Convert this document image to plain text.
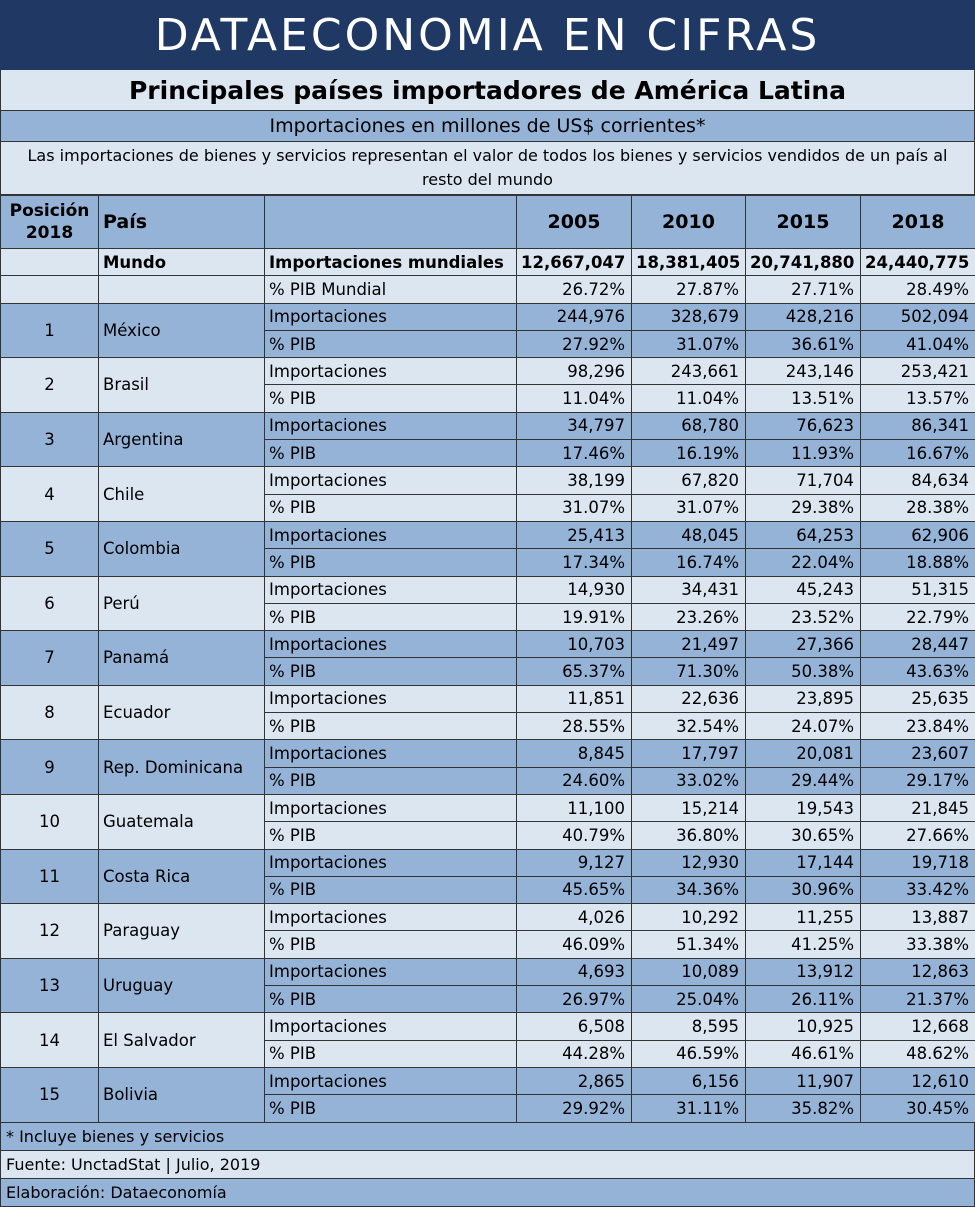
DATAECONOMIA EN CIFRAS
Principales países importadores de América Latina
Importaciones en millones de US$ corrientes*
Las importaciones de bienes y servicios representan el valor de todos los bienes y servicios vendidos de un país al resto del mundo
Posición 2018	País		2005	2010	2015	2018
	Mundo	Importaciones mundiales	12,667,047	18,381,405	20,741,880	24,440,775
		% PIB Mundial	26.72%	27.87%	27.71%	28.49%
1	México	Importaciones	244,976	328,679	428,216	502,094
		% PIB	27.92%	31.07%	36.61%	41.04%
2	Brasil	Importaciones	98,296	243,661	243,146	253,421
		% PIB	11.04%	11.04%	13.51%	13.57%
3	Argentina	Importaciones	34,797	68,780	76,623	86,341
		% PIB	17.46%	16.19%	11.93%	16.67%
4	Chile	Importaciones	38,199	67,820	71,704	84,634
		% PIB	31.07%	31.07%	29.38%	28.38%
5	Colombia	Importaciones	25,413	48,045	64,253	62,906
		% PIB	17.34%	16.74%	22.04%	18.88%
6	Perú	Importaciones	14,930	34,431	45,243	51,315
		% PIB	19.91%	23.26%	23.52%	22.79%
7	Panamá	Importaciones	10,703	21,497	27,366	28,447
		% PIB	65.37%	71.30%	50.38%	43.63%
8	Ecuador	Importaciones	11,851	22,636	23,895	25,635
		% PIB	28.55%	32.54%	24.07%	23.84%
9	Rep. Dominicana	Importaciones	8,845	17,797	20,081	23,607
		% PIB	24.60%	33.02%	29.44%	29.17%
10	Guatemala	Importaciones	11,100	15,214	19,543	21,845
		% PIB	40.79%	36.80%	30.65%	27.66%
11	Costa Rica	Importaciones	9,127	12,930	17,144	19,718
		% PIB	45.65%	34.36%	30.96%	33.42%
12	Paraguay	Importaciones	4,026	10,292	11,255	13,887
		% PIB	46.09%	51.34%	41.25%	33.38%
13	Uruguay	Importaciones	4,693	10,089	13,912	12,863
		% PIB	26.97%	25.04%	26.11%	21.37%
14	El Salvador	Importaciones	6,508	8,595	10,925	12,668
		% PIB	44.28%	46.59%	46.61%	48.62%
15	Bolivia	Importaciones	2,865	6,156	11,907	12,610
		% PIB	29.92%	31.11%	35.82%	30.45%
* Incluye bienes y servicios
Fuente: UnctadStat | Julio, 2019
Elaboración: Dataeconomía
